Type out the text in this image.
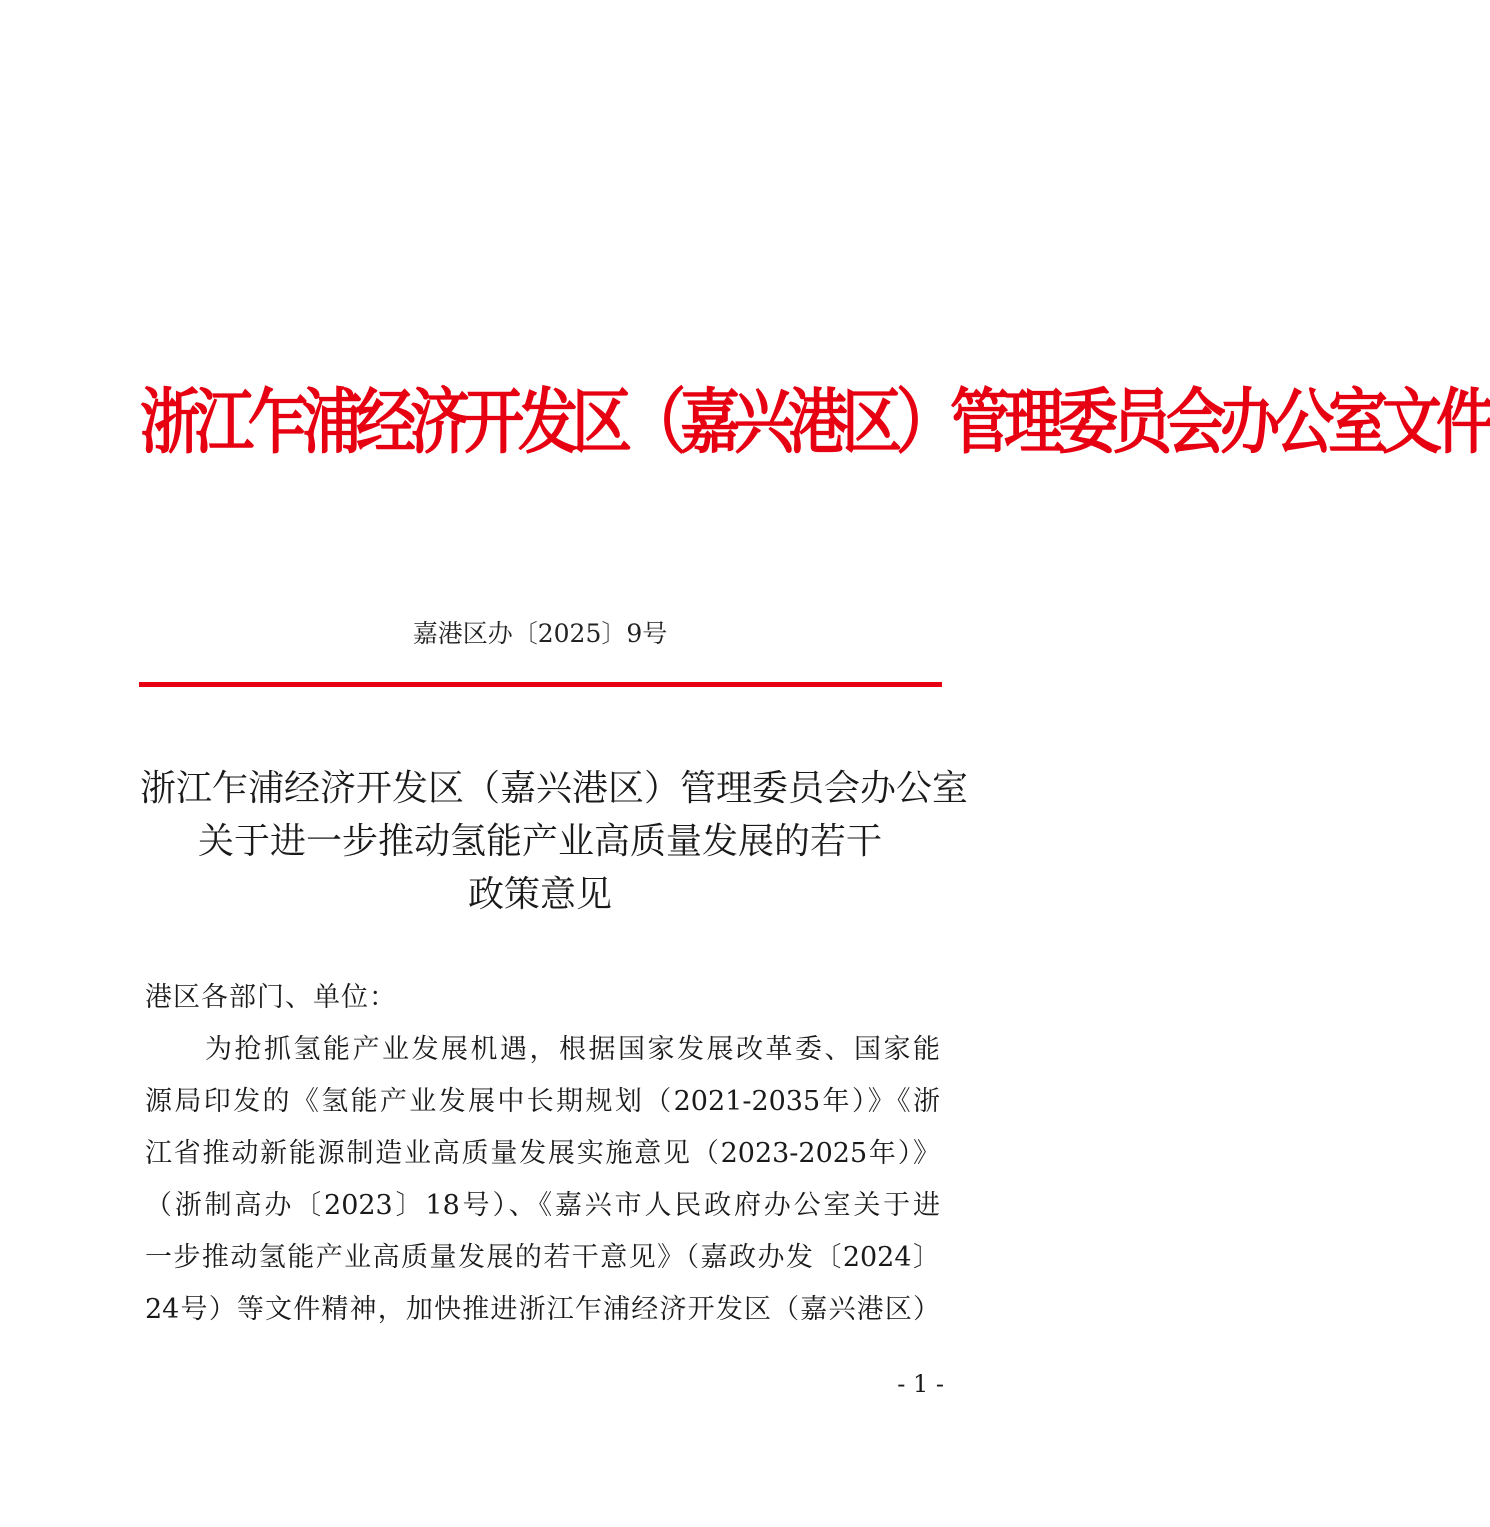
浙江乍浦经济开发区（嘉兴港区）管理委员会办公室文件
嘉港区办〔2025〕9号
浙江乍浦经济开发区（嘉兴港区）管理委员会办公室
关于进一步推动氢能产业高质量发展的若干
政策意见
港区各部门、单位：
为抢抓氢能产业发展机遇，根据国家发展改革委、国家能
源局印发的《氢能产业发展中长期规划（2021-2035年）》《浙
江省推动新能源制造业高质量发展实施意见（2023-2025年）》
（浙制高办〔2023〕18号）、《嘉兴市人民政府办公室关于进
一步推动氢能产业高质量发展的若干意见》（嘉政办发〔2024〕
24号）等文件精神，加快推进浙江乍浦经济开发区（嘉兴港区）
- 1 -
